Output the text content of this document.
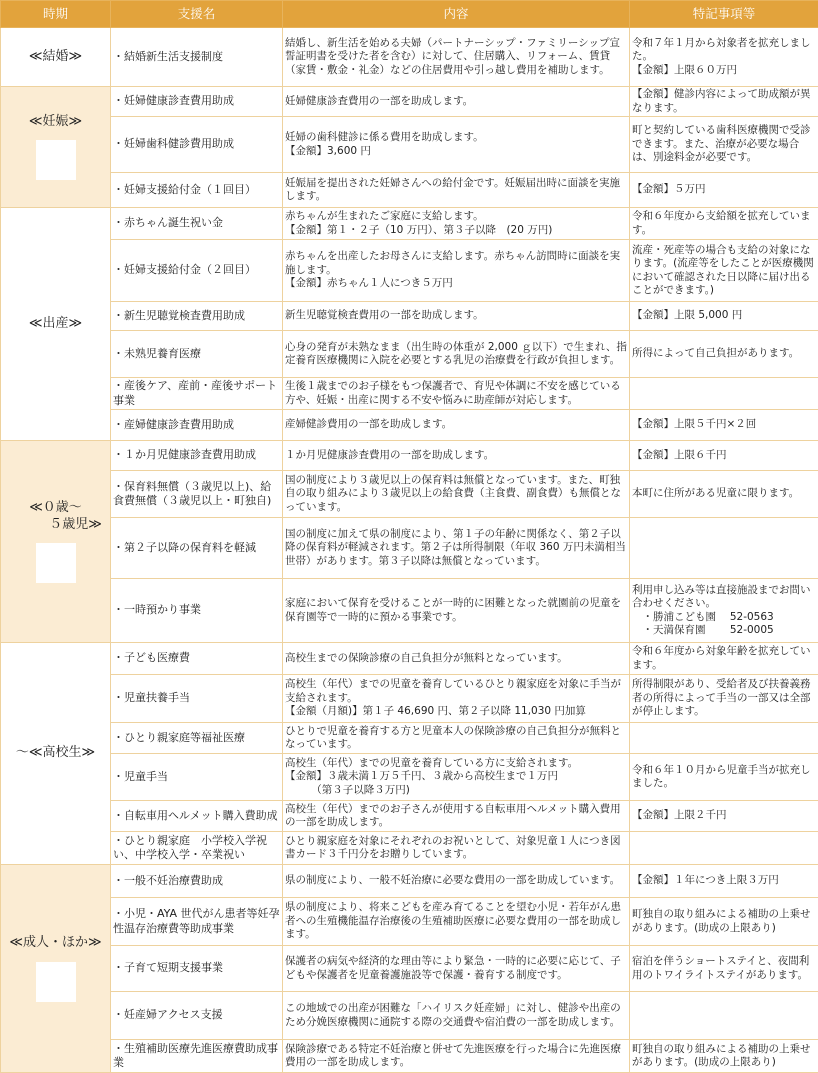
時期	支援名	内容	特記事項等

≪結婚≫	・結婚新生活支援制度	結婚し、新生活を始める夫婦（パートナーシップ・ファミリーシップ宣誓証明書を受けた者を含む）に対して、住居購入、リフォーム、賃貸（家賃・敷金・礼金）などの住居費用や引っ越し費用を補助します。	令和７年１月から対象者を拡充しました。
【金額】上限６０万円

≪妊娠≫	・妊婦健康診査費用助成	妊婦健康診査費用の一部を助成します。	【金額】健診内容によって助成額が異なります。

	・妊婦歯科健診費用助成	妊婦の歯科健診に係る費用を助成します。
【金額】3,600 円	町と契約している歯科医療機関で受診できます。また、治療が必要な場合は、別途料金が必要です。

	・妊婦支援給付金（１回目）	妊娠届を提出された妊婦さんへの給付金です。妊娠届出時に面談を実施します。	【金額】５万円

≪出産≫	・赤ちゃん誕生祝い金	赤ちゃんが生まれたご家庭に支給します。
【金額】第１・２子（10 万円）、第３子以降　(20 万円)	令和６年度から支給額を拡充しています。

	・妊婦支援給付金（２回目）	赤ちゃんを出産したお母さんに支給します。赤ちゃん訪問時に面談を実施します。
【金額】赤ちゃん１人につき５万円	流産・死産等の場合も支給の対象になります。(流産等をしたことが医療機関において確認された日以降に届け出ることができます。)

	・新生児聴覚検査費用助成	新生児聴覚検査費用の一部を助成します。	【金額】上限 5,000 円

	・未熟児養育医療	心身の発育が未熟なまま（出生時の体重が 2,000 ｇ以下）で生まれ、指定養育医療機関に入院を必要とする乳児の治療費を行政が負担します。	所得によって自己負担があります。

	・産後ケア、産前・産後サポート事業	生後１歳までのお子様をもつ保護者で、育児や体調に不安を感じている方や、妊娠・出産に関する不安や悩みに助産師が対応します。	

	・産婦健康診査費用助成	産婦健診費用の一部を助成します。	【金額】上限５千円×２回

≪０歳～
５歳児≫	・１か月児健康診査費用助成	１か月児健康診査費用の一部を助成します。	【金額】上限６千円

	・保育料無償（３歳児以上)、給食費無償（３歳児以上・町独自)	国の制度により３歳児以上の保育料は無償となっています。また、町独自の取り組みにより３歳児以上の給食費（主食費、副食費）も無償となっています。	本町に住所がある児童に限ります。

	・第２子以降の保育料を軽減	国の制度に加えて県の制度により、第１子の年齢に関係なく、第２子以降の保育料が軽減されます。第２子は所得制限（年収 360 万円未満相当世帯）があります。第３子以降は無償となっています。	

	・一時預かり事業	家庭において保育を受けることが一時的に困難となった就園前の児童を保育園等で一時的に預かる事業です。	利用申し込み等は直接施設までお問い合わせください。
　・勝浦こども園　 52-0563
　・天満保育園　　 52-0005

～≪高校生≫	・子ども医療費	高校生までの保険診療の自己負担分が無料となっています。	令和６年度から対象年齢を拡充しています。

	・児童扶養手当	高校生（年代）までの児童を養育しているひとり親家庭を対象に手当が支給されます。
【金額（月額)】第１子 46,690 円、第２子以降 11,030 円加算	所得制限があり、受給者及び扶養義務者の所得によって手当の一部又は全部が停止します。

	・ひとり親家庭等福祉医療	ひとりで児童を養育する方と児童本人の保険診療の自己負担分が無料となっています。	

	・児童手当	高校生（年代）までの児童を養育している方に支給されます。
【金額】３歳未満１万５千円、３歳から高校生まで１万円
　　　（第３子以降３万円)	令和６年１０月から児童手当が拡充しました。

	・自転車用ヘルメット購入費助成	高校生（年代）までのお子さんが使用する自転車用ヘルメット購入費用の一部を助成します。	【金額】上限２千円

	・ひとり親家庭　小学校入学祝い、中学校入学・卒業祝い	ひとり親家庭を対象にそれぞれのお祝いとして、対象児童１人につき図書カード３千円分をお贈りしています。	

≪成人・ほか≫	・一般不妊治療費助成	県の制度により、一般不妊治療に必要な費用の一部を助成しています。	【金額】１年につき上限３万円

	・小児・AYA 世代がん患者等妊孕性温存治療費等助成事業	県の制度により、将来こどもを産み育てることを望む小児・若年がん患者への生殖機能温存治療後の生殖補助医療に必要な費用の一部を助成します。	町独自の取り組みによる補助の上乗せがあります。(助成の上限あり)

	・子育て短期支援事業	保護者の病気や経済的な理由等により緊急・一時的に必要に応じて、子どもや保護者を児童養護施設等で保護・養育する制度です。	宿泊を伴うショートステイと、夜間利用のトワイライトステイがあります。

	・妊産婦アクセス支援	この地域での出産が困難な「ハイリスク妊産婦」に対し、健診や出産のため分娩医療機関に通院する際の交通費や宿泊費の一部を助成します。	

	・生殖補助医療先進医療費助成事業	保険診療である特定不妊治療と併せて先進医療を行った場合に先進医療費用の一部を助成します。	町独自の取り組みによる補助の上乗せがあります。(助成の上限あり)
